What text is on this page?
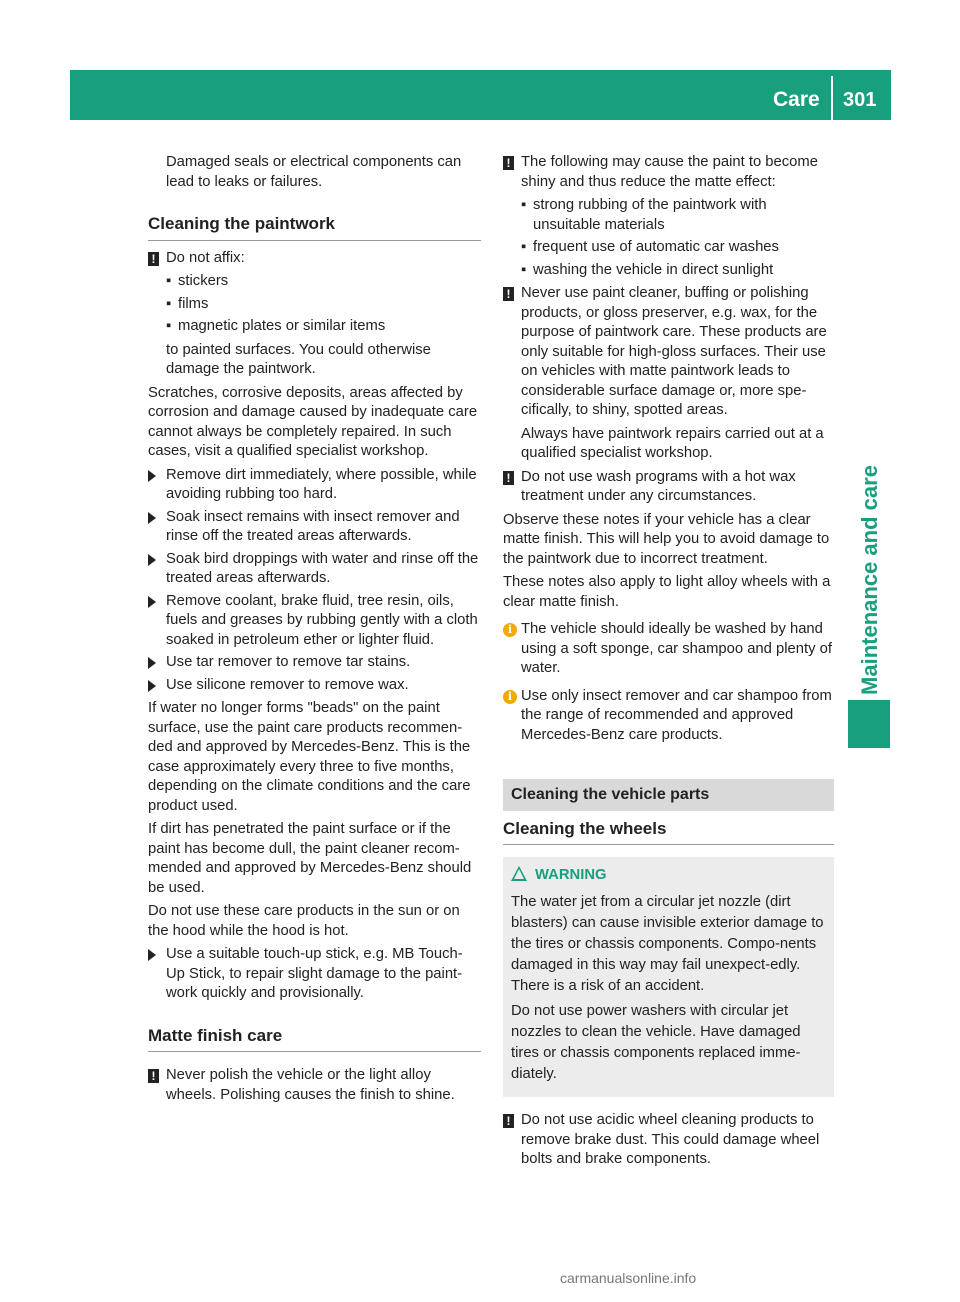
Care 301
Maintenance and care

Damaged seals or electrical components can lead to leaks or failures.

Cleaning the paintwork
! Do not affix:
▪ stickers
▪ films
▪ magnetic plates or similar items

to painted surfaces. You could otherwise damage the paintwork.

Scratches, corrosive deposits, areas affected by corrosion and damage caused by inadequate care cannot always be completely repaired. In such cases, visit a qualified specialist workshop.

Remove dirt immediately, where possible, while avoiding rubbing too hard.
Soak insect remains with insect remover and rinse off the treated areas afterwards.
Soak bird droppings with water and rinse off the treated areas afterwards.
Remove coolant, brake fluid, tree resin, oils, fuels and greases by rubbing gently with a cloth soaked in petroleum ether or lighter fluid.
Use tar remover to remove tar stains.
Use silicone remover to remove wax.

If water no longer forms "beads" on the paint surface, use the paint care products recommen-ded and approved by Mercedes-Benz. This is the case approximately every three to five months, depending on the climate conditions and the care product used.

If dirt has penetrated the paint surface or if the paint has become dull, the paint cleaner recom-mended and approved by Mercedes-Benz should be used.

Do not use these care products in the sun or on the hood while the hood is hot.

Use a suitable touch-up stick, e.g. MB Touch-Up Stick, to repair slight damage to the paint-work quickly and provisionally.
Matte finish care
! Never polish the vehicle or the light alloy wheels. Polishing causes the finish to shine.
! The following may cause the paint to become shiny and thus reduce the matte effect:
▪ strong rubbing of the paintwork with unsuitable materials
▪ frequent use of automatic car washes
▪ washing the vehicle in direct sunlight
! Never use paint cleaner, buffing or polishing products, or gloss preserver, e.g. wax, for the purpose of paintwork care. These products are only suitable for high-gloss surfaces. Their use on vehicles with matte paintwork leads to considerable surface damage or, more spe-cifically, to shiny, spotted areas.

Always have paintwork repairs carried out at a qualified specialist workshop.

! Do not use wash programs with a hot wax treatment under any circumstances.

Observe these notes if your vehicle has a clear matte finish. This will help you to avoid damage to the paintwork due to incorrect treatment.

These notes also apply to light alloy wheels with a clear matte finish.

i The vehicle should ideally be washed by hand using a soft sponge, car shampoo and plenty of water.
i Use only insect remover and car shampoo from the range of recommended and approved Mercedes-Benz care products.
Cleaning the vehicle parts
Cleaning the wheels
WARNING

The water jet from a circular jet nozzle (dirt blasters) can cause invisible exterior damage to the tires or chassis components. Compo-nents damaged in this way may fail unexpect-edly. There is a risk of an accident.

Do not use power washers with circular jet nozzles to clean the vehicle. Have damaged tires or chassis components replaced imme-diately.

! Do not use acidic wheel cleaning products to remove brake dust. This could damage wheel bolts and brake components.
carmanualsonline.info
